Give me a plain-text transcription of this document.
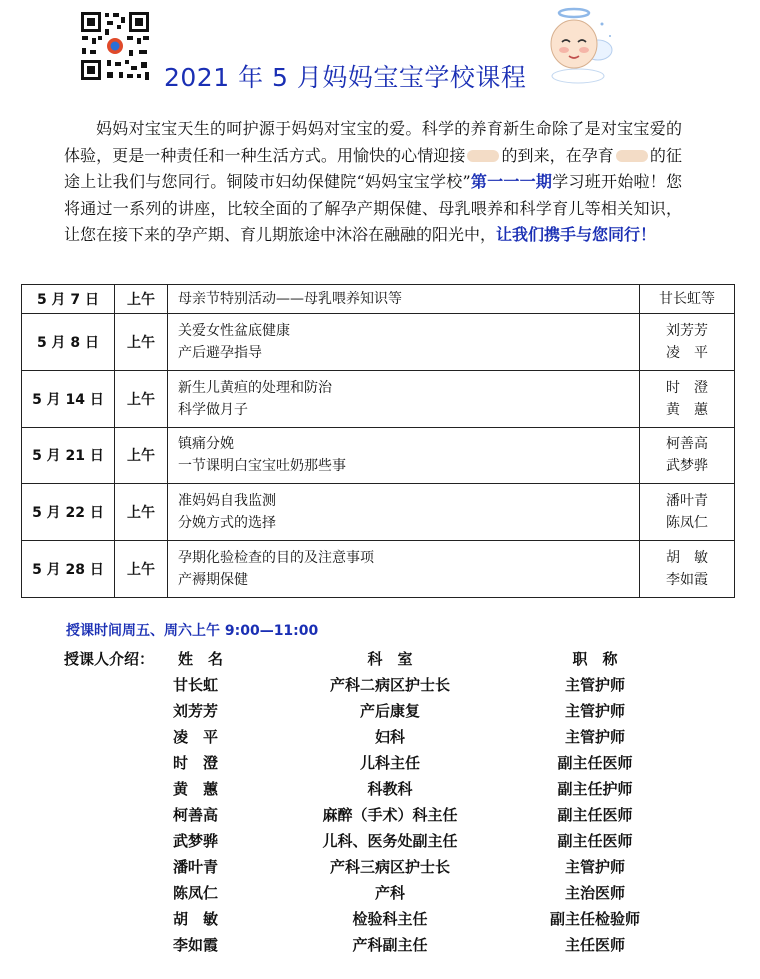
2021 年 5 月妈妈宝宝学校课程
妈妈对宝宝天生的呵护源于妈妈对宝宝的爱。科学的养育新生命除了是对宝宝爱的体验，更是一种责任和一种生活方式。用愉快的心情迎接 的到来，在孕育 的征途上让我们与您同行。铜陵市妇幼保健院“妈妈宝宝学校”第一一一期学习班开始啦！您将通过一系列的讲座，比较全面的了解孕产期保健、母乳喂养和科学育儿等相关知识，让您在接下来的孕产期、育儿期旅途中沐浴在融融的阳光中，让我们携手与您同行！
5 月 7 日	上午	母亲节特别活动——母乳喂养知识等	甘长虹等

5 月 8 日	上午	关爱女性盆底健康
产后避孕指导	刘芳芳
凌　平

5 月 14 日	上午	新生儿黄疸的处理和防治
科学做月子	时　澄
黄　蕙

5 月 21 日	上午	镇痛分娩
一节课明白宝宝吐奶那些事	柯善高
武梦骅

5 月 22 日	上午	准妈妈自我监测
分娩方式的选择	潘叶青
陈凤仁

5 月 28 日	上午	孕期化验检查的目的及注意事项
产褥期保健	胡　敏
李如霞
授课时间周五、周六上午 9:00—11:00
授课人介绍： 姓　名	科　室	职　称
甘长虹	产科二病区护士长	主管护师
刘芳芳	产后康复	主管护师
凌　平	妇科	主管护师
时　澄	儿科主任	副主任医师
黄　蕙	科教科	副主任护师
柯善高	麻醉（手术）科主任	副主任医师
武梦骅	儿科、医务处副主任	副主任医师
潘叶青	产科三病区护士长	主管护师
陈凤仁	产科	主治医师
胡　敏	检验科主任	副主任检验师
李如霞	产科副主任	主任医师
